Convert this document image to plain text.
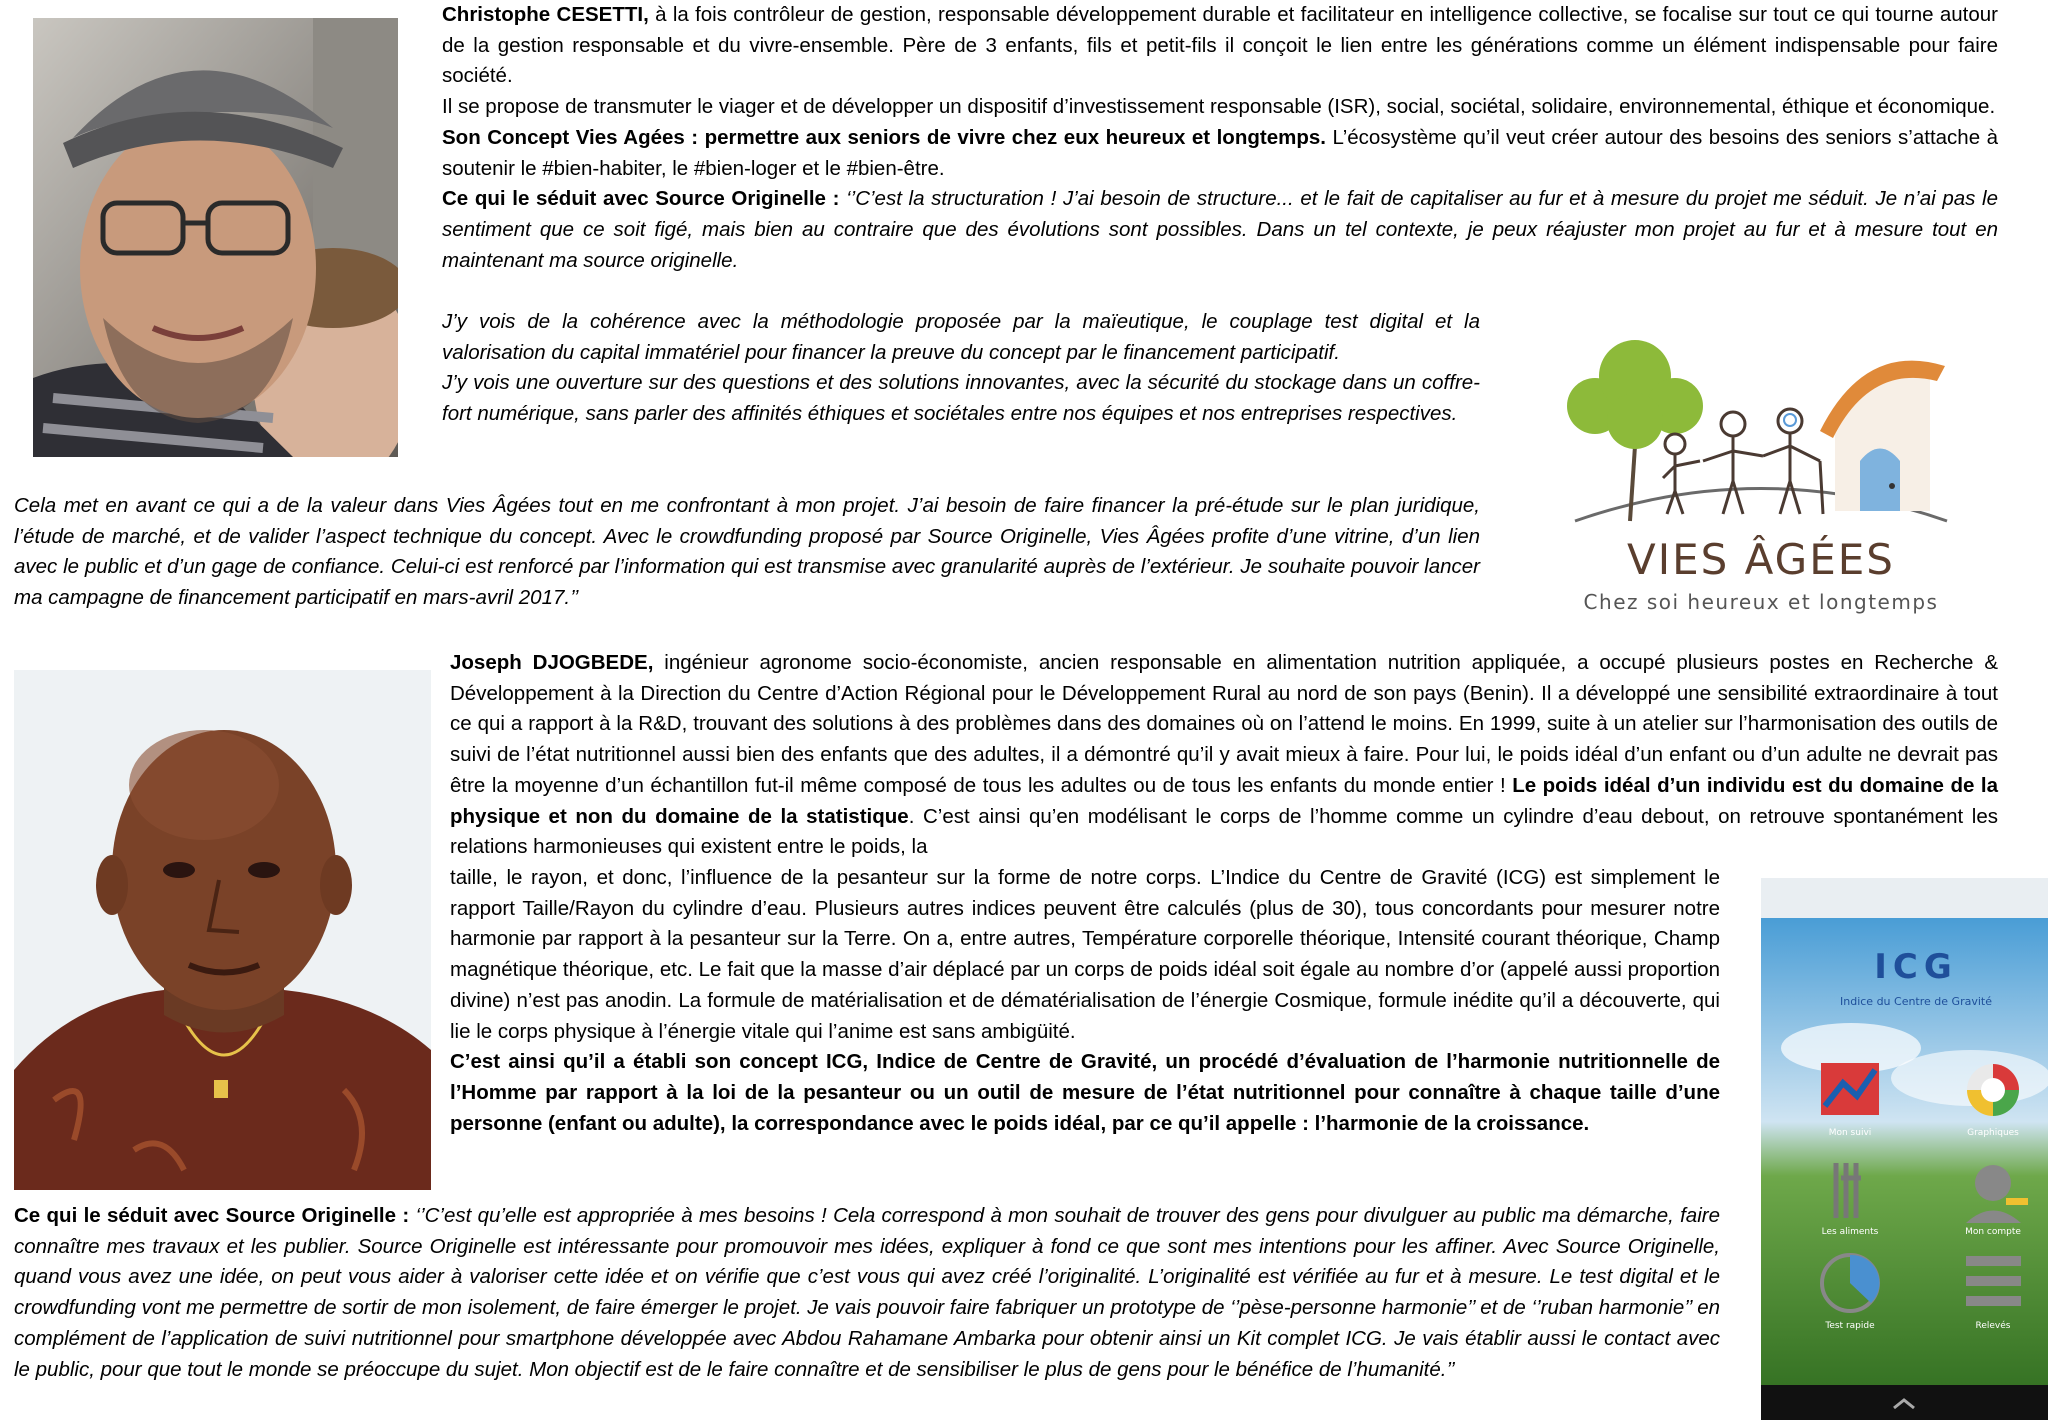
Christophe CESETTI, à la fois contrôleur de gestion, responsable développement durable et facilitateur en intelligence collective, se focalise sur tout ce qui tourne autour de la gestion responsable et du vivre-ensemble. Père de 3 enfants, fils et petit-fils il conçoit le lien entre les générations comme un élément indispensable pour faire société.

Il se propose de transmuter le viager et de développer un dispositif d’investissement responsable (ISR), social, sociétal, solidaire, environnemental, éthique et économique.

Son Concept Vies Agées : permettre aux seniors de vivre chez eux heureux et longtemps. L’écosystème qu’il veut créer autour des besoins des seniors s’attache à soutenir le #bien-habiter, le #bien-loger et le #bien-être.

Ce qui le séduit avec Source Originelle : ‘’C’est la structuration ! J’ai besoin de structure... et le fait de capitaliser au fur et à mesure du projet me séduit. Je n’ai pas le sentiment que ce soit figé, mais bien au contraire que des évolutions sont possibles. Dans un tel contexte, je peux réajuster mon projet au fur et à mesure tout en maintenant ma source originelle.

J’y vois de la cohérence avec la méthodologie proposée par la maïeutique, le couplage test digital et la valorisation du capital immatériel pour financer la preuve du concept par le financement participatif.

J’y vois une ouverture sur des questions et des solutions innovantes, avec la sécurité du stockage dans un coffre-fort numérique, sans parler des affinités éthiques et sociétales entre nos équipes et nos entreprises respectives.

Cela met en avant ce qui a de la valeur dans Vies Âgées tout en me confrontant à mon projet. J’ai besoin de faire financer la pré-étude sur le plan juridique, l’étude de marché, et de valider l’aspect technique du concept. Avec le crowdfunding proposé par Source Originelle, Vies Âgées profite d’une vitrine, d’un lien avec le public et d’un gage de confiance. Celui-ci est renforcé par l’information qui est transmise avec granularité auprès de l’extérieur. Je souhaite pouvoir lancer ma campagne de financement participatif en mars-avril 2017.’’

VIES ÂGÉES
Chez soi heureux et longtemps

Joseph DJOGBEDE, ingénieur agronome socio-économiste, ancien responsable en alimentation nutrition appliquée, a occupé plusieurs postes en Recherche & Développement à la Direction du Centre d’Action Régional pour le Développement Rural au nord de son pays (Benin). Il a développé une sensibilité extraordinaire à tout ce qui a rapport à la R&D, trouvant des solutions à des problèmes dans des domaines où on l’attend le moins. En 1999, suite à un atelier sur l’harmonisation des outils de suivi de l’état nutritionnel aussi bien des enfants que des adultes, il a démontré qu’il y avait mieux à faire. Pour lui, le poids idéal d’un enfant ou d’un adulte ne devrait pas être la moyenne d’un échantillon fut-il même composé de tous les adultes ou de tous les enfants du monde entier ! Le poids idéal d’un individu est du domaine de la physique et non du domaine de la statistique. C’est ainsi qu’en modélisant le corps de l’homme comme un cylindre d’eau debout, on retrouve spontanément les relations harmonieuses qui existent entre le poids, la

taille, le rayon, et donc, l’influence de la pesanteur sur la forme de notre corps. L’Indice du Centre de Gravité (ICG) est simplement le rapport Taille/Rayon du cylindre d’eau. Plusieurs autres indices peuvent être calculés (plus de 30), tous concordants pour mesurer notre harmonie par rapport à la pesanteur sur la Terre. On a, entre autres, Température corporelle théorique, Intensité courant théorique, Champ magnétique théorique, etc. Le fait que la masse d’air déplacé par un corps de poids idéal soit égale au nombre d’or (appelé aussi proportion divine) n’est pas anodin. La formule de matérialisation et de dématérialisation de l’énergie Cosmique, formule inédite qu’il a découverte, qui lie le corps physique à l’énergie vitale qui l’anime est sans ambigüité.

C’est ainsi qu’il a établi son concept ICG, Indice de Centre de Gravité, un procédé d’évaluation de l’harmonie nutritionnelle de l’Homme par rapport à la loi de la pesanteur ou un outil de mesure de l’état nutritionnel pour connaître à chaque taille d’une personne (enfant ou adulte), la correspondance avec le poids idéal, par ce qu’il appelle : l’harmonie de la croissance.

Ce qui le séduit avec Source Originelle : ‘’C’est qu’elle est appropriée à mes besoins ! Cela correspond à mon souhait de trouver des gens pour divulguer au public ma démarche, faire connaître mes travaux et les publier. Source Originelle est intéressante pour promouvoir mes idées, expliquer à fond ce que sont mes intentions pour les affiner. Avec Source Originelle, quand vous avez une idée, on peut vous aider à valoriser cette idée et on vérifie que c’est vous qui avez créé l’originalité. L’originalité est vérifiée au fur et à mesure. Le test digital et le crowdfunding vont me permettre de sortir de mon isolement, de faire émerger le projet. Je vais pouvoir faire fabriquer un prototype de ‘’pèse-personne harmonie’’ et de ‘’ruban harmonie’’ en complément de l’application de suivi nutritionnel pour smartphone développée avec Abdou Rahamane Ambarka pour obtenir ainsi un Kit complet ICG. Je vais établir aussi le contact avec le public, pour que tout le monde se préoccupe du sujet. Mon objectif est de le faire connaître et de sensibiliser le plus de gens pour le bénéfice de l’humanité.’’

ICG
Indice du Centre de Gravité
Mon suivi	Graphiques
Les aliments	Mon compte
Test rapide	Relevés
